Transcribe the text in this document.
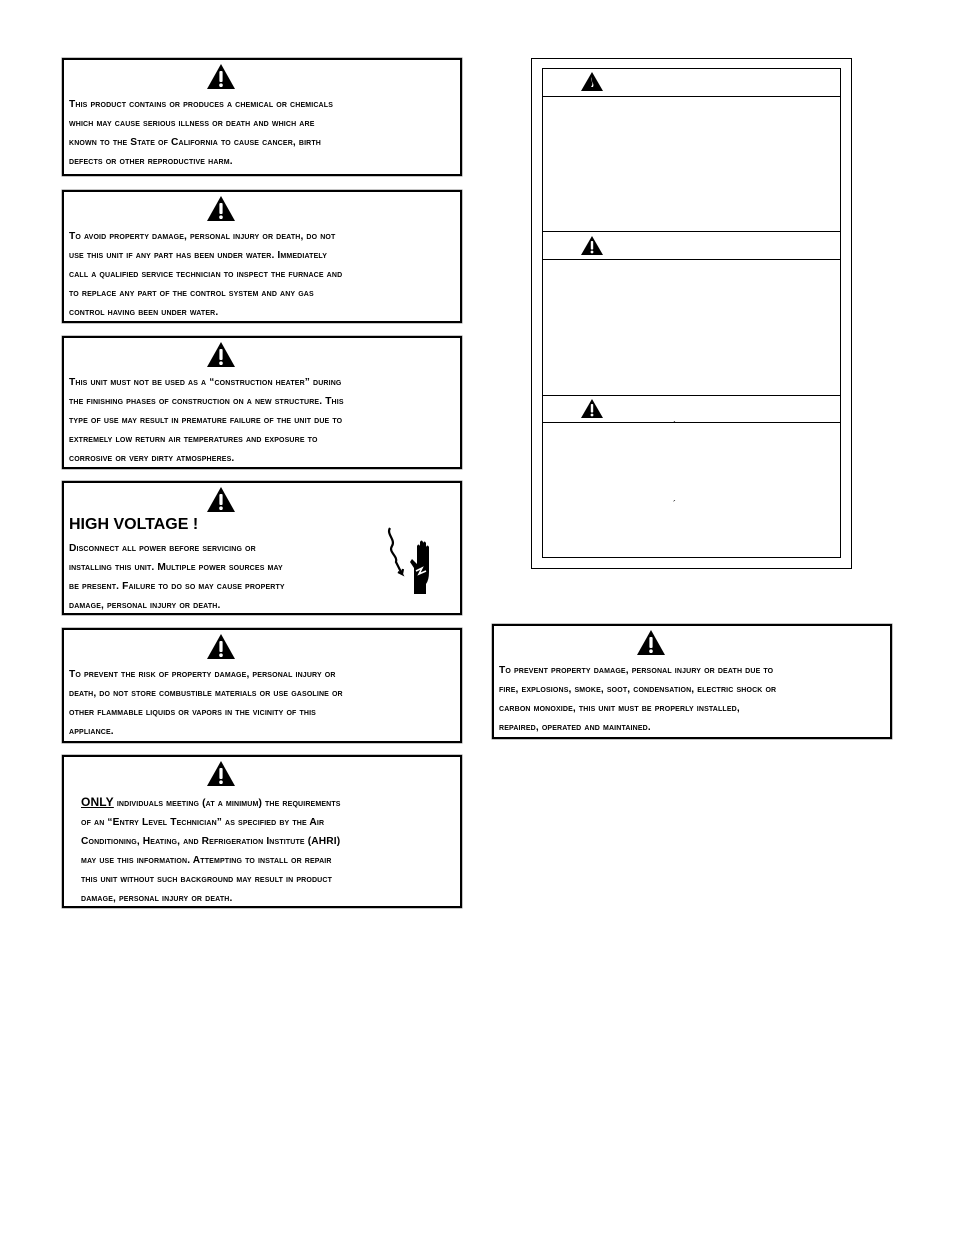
This product contains or produces a chemical or chemicals
which may cause serious illness or death and which are
known to the State of California to cause cancer, birth
defects or other reproductive harm.
To avoid property damage, personal injury or death, do not
use this unit if any part has been under water. Immediately
call a qualified service technician to inspect the furnace and
to replace any part of the control system and any gas
control having been under water.
This unit must not be used as a “construction heater” during
the finishing phases of construction on a new structure. This
type of use may result in premature failure of the unit due to
extremely low return air temperatures and exposure to
corrosive or very dirty atmospheres.
HIGH VOLTAGE !
Disconnect all power before servicing or
installing this unit. Multiple power sources may
be present. Failure to do so may cause property
damage, personal injury or death.
To prevent the risk of property damage, personal injury or
death, do not store combustible materials or use gasoline or
other flammable liquids or vapors in the vicinity of this
appliance.
ONLY individuals meeting (at a minimum) the requirements
of an “Entry Level Technician” as specified by the Air
Conditioning, Heating, and Refrigeration Institute (AHRI)
may use this information. Attempting to install or repair
this unit without such background may result in product
damage, personal injury or death.
´
´
To prevent property damage, personal injury or death due to
fire, explosions, smoke, soot, condensation, electric shock or
carbon monoxide, this unit must be properly installed,
repaired, operated and maintained.
